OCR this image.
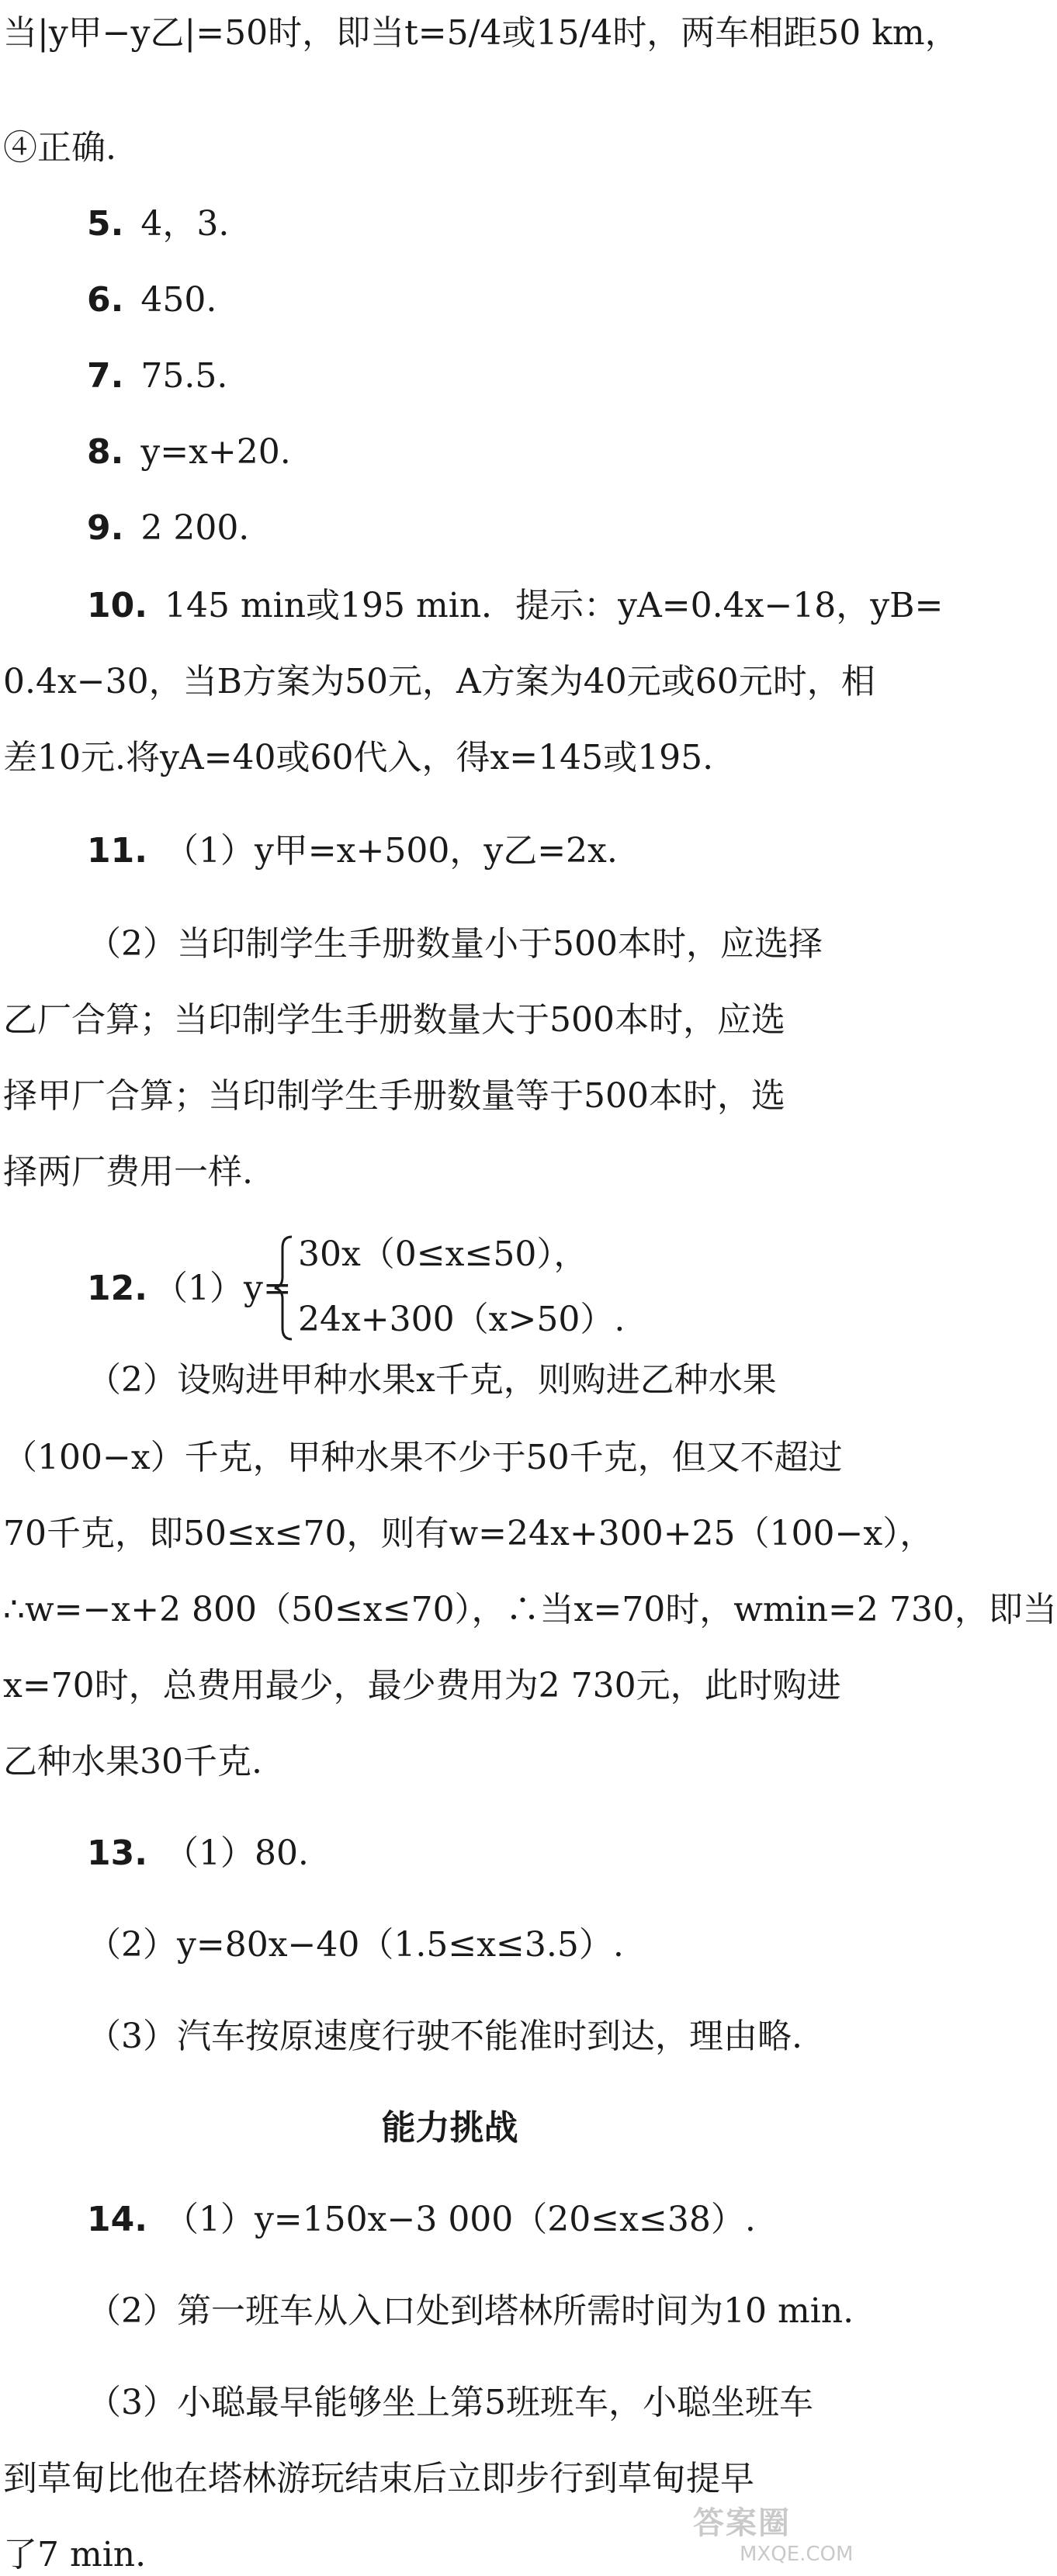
当|y甲−y乙|=50时，即当t=5/4或15/4时，两车相距50 km，
④正确.
5. 4，3.
6. 450.
7. 75.5.
8. y=x+20.
9. 2 200.
10. 145 min或195 min．提示：yA=0.4x−18，yB=
0.4x−30，当B方案为50元，A方案为40元或60元时，相
差10元.将yA=40或60代入，得x=145或195.
11. （1）y甲=x+500，y乙=2x.
（2）当印制学生手册数量小于500本时，应选择
乙厂合算；当印制学生手册数量大于500本时，应选
择甲厂合算；当印制学生手册数量等于500本时，选
择两厂费用一样.
（2）设购进甲种水果x千克，则购进乙种水果
（100−x）千克，甲种水果不少于50千克，但又不超过
70千克，即50≤x≤70，则有w=24x+300+25（100−x），
∴w=−x+2 800（50≤x≤70），∴当x=70时，wmin=2 730，即当
x=70时，总费用最少，最少费用为2 730元，此时购进
乙种水果30千克.
13. （1）80.
（2）y=80x−40（1.5≤x≤3.5）.
（3）汽车按原速度行驶不能准时到达，理由略.
14. （1）y=150x−3 000（20≤x≤38）.
（2）第一班车从入口处到塔林所需时间为10 min.
（3）小聪最早能够坐上第5班班车，小聪坐班车
到草甸比他在塔林游玩结束后立即步行到草甸提早
了7 min.
12. （1）y=
30x（0≤x≤50），
24x+300（x>50）.
能力挑战
答案圈
MXQE.COM
